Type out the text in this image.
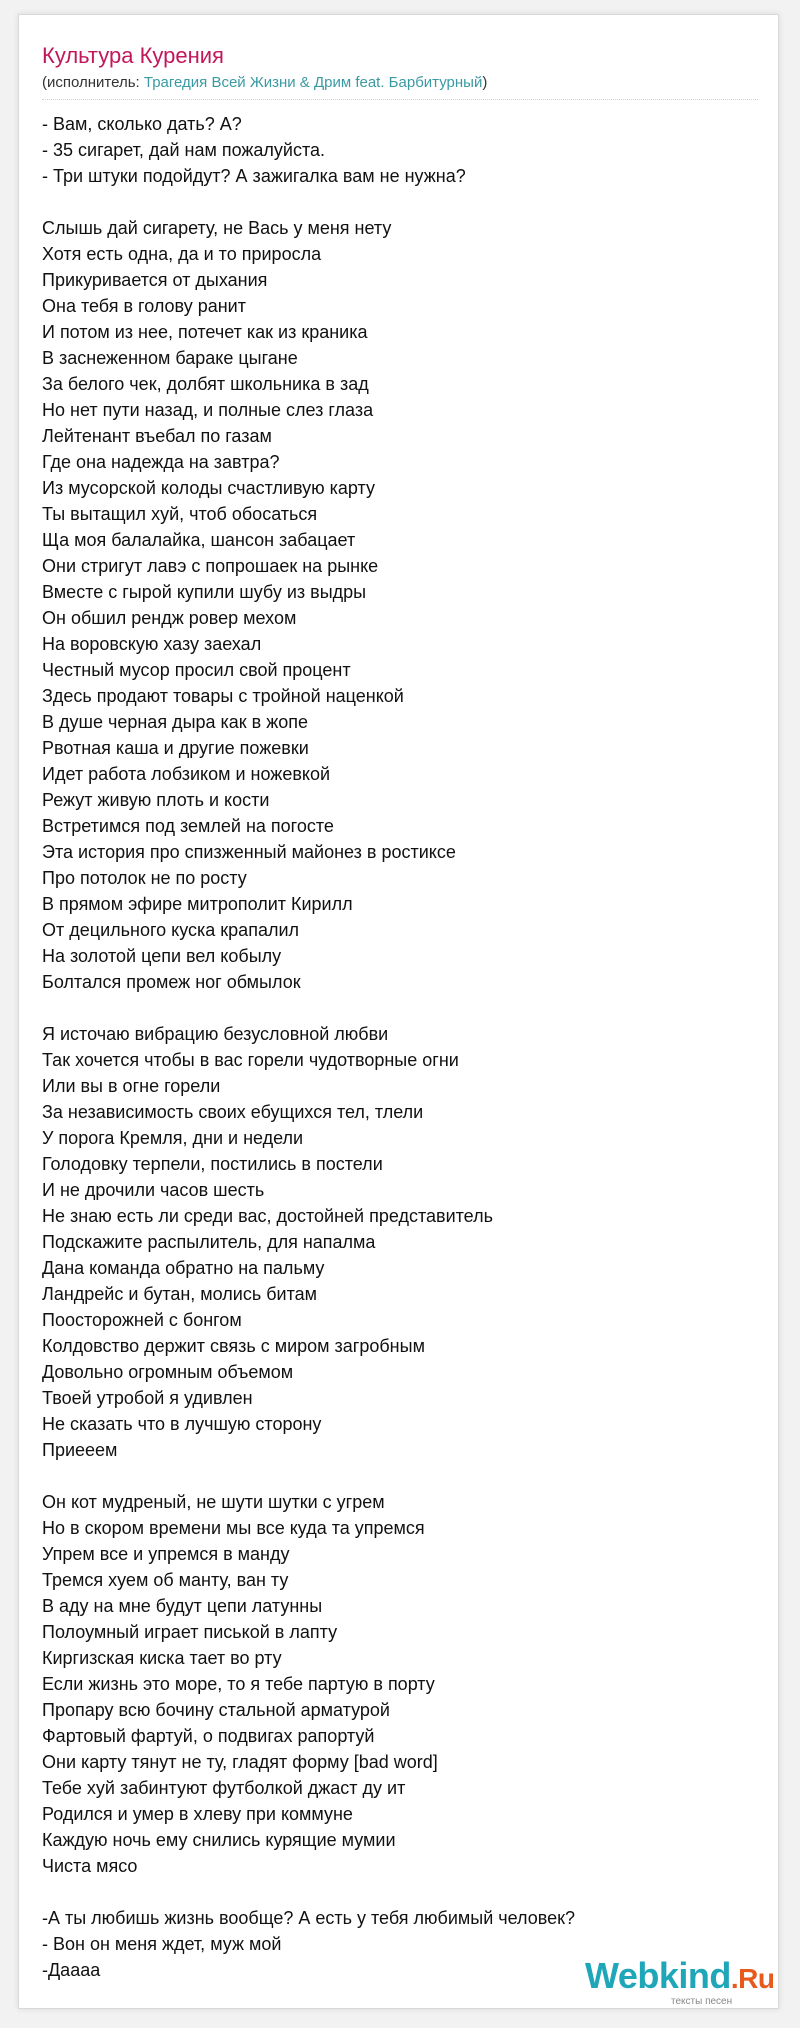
Культура Курения
(исполнитель: Трагедия Всей Жизни & Дрим feat. Барбитурный)
- Вам, сколько дать? А?
- 35 сигарет, дай нам пожалуйста.
- Три штуки подойдут? А зажигалка вам не нужна?
Слышь дай сигарету, не Вась у меня нету
Хотя есть одна, да и то приросла
Прикуривается от дыхания
Она тебя в голову ранит
И потом из нее, потечет как из краника
В заснеженном бараке цыгане
За белого чек, долбят школьника в зад
Но нет пути назад, и полные слез глаза
Лейтенант въебал по газам
Где она надежда на завтра?
Из мусорской колоды счастливую карту
Ты вытащил хуй, чтоб обосаться
Ща моя балалайка, шансон забацает
Они стригут лавэ с попрошаек на рынке
Вместе с гырой купили шубу из выдры
Он обшил рендж ровер мехом
На воровскую хазу заехал
Честный мусор просил свой процент
Здесь продают товары с тройной наценкой
В душе черная дыра как в жопе
Рвотная каша и другие пожевки
Идет работа лобзиком и ножевкой
Режут живую плоть и кости
Встретимся под землей на погосте
Эта история про спизженный майонез в ростиксе
Про потолок не по росту
В прямом эфире митрополит Кирилл
От децильного куска крапалил
На золотой цепи вел кобылу
Болтался промеж ног обмылок
Я источаю вибрацию безусловной любви
Так хочется чтобы в вас горели чудотворные огни
Или вы в огне горели
За независимость своих ебущихся тел, тлели
У порога Кремля, дни и недели
Голодовку терпели, постились в постели
И не дрочили часов шесть
Не знаю есть ли среди вас, достойней представитель
Подскажите распылитель, для напалма
Дана команда обратно на пальму
Ландрейс и бутан, молись битам
Поосторожней с бонгом
Колдовство держит связь с миром загробным
Довольно огромным объемом
Твоей утробой я удивлен
Не сказать что в лучшую сторону
Приееем
Он кот мудреный, не шути шутки с угрем
Но в скором времени мы все куда та упремся
Упрем все и упремся в манду
Тремся хуем об манту, ван ту
В аду на мне будут цепи латунны
Полоумный играет писькой в лапту
Киргизская киска тает во рту
Если жизнь это море, то я тебе партую в порту
Пропару всю бочину стальной арматурой
Фартовый фартуй, о подвигах рапортуй
Они карту тянут не ту, гладят форму [bad word]
Тебе хуй забинтуют футболкой джаст ду ит
Родился и умер в хлеву при коммуне
Каждую ночь ему снились курящие мумии
Чиста мясо
-А ты любишь жизнь вообще? А есть у тебя любимый человек?
- Вон он меня ждет, муж мой
-Даааа	Webkind.Ru
тексты песен
